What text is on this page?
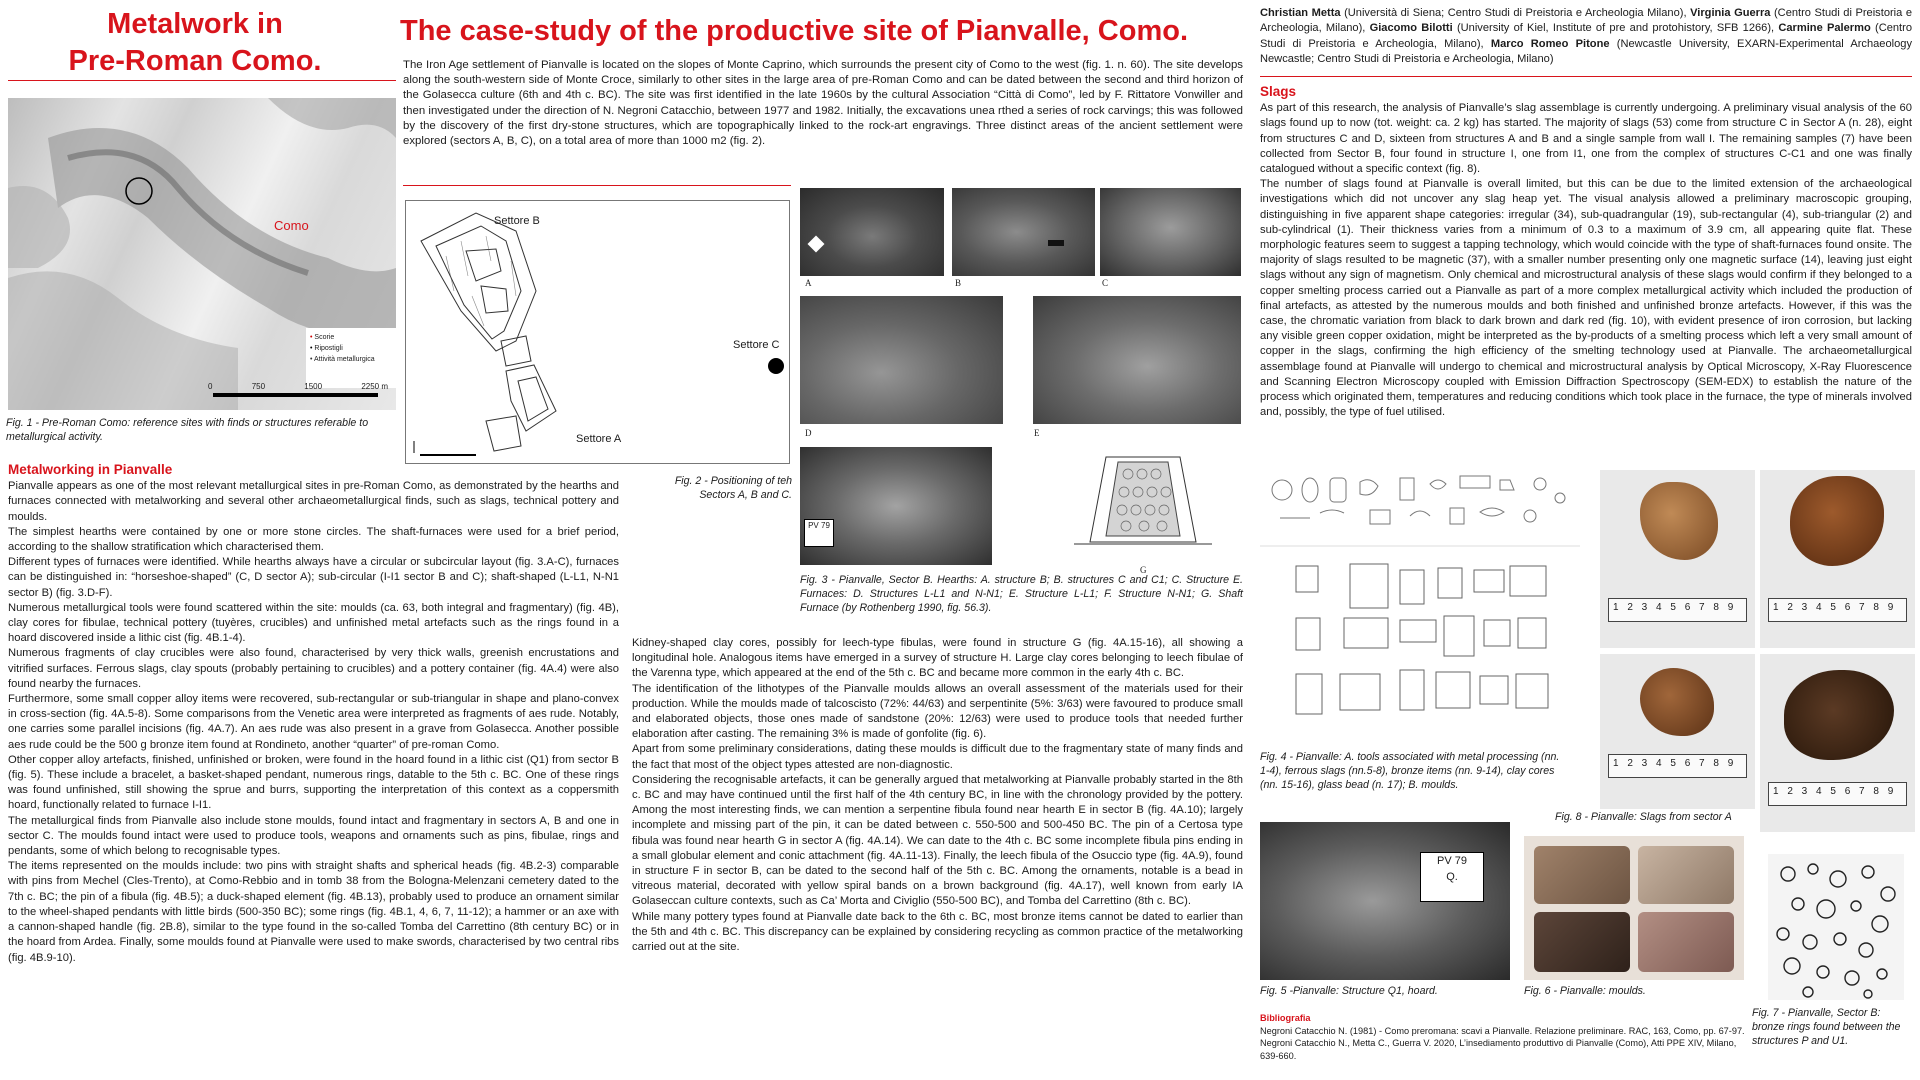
Metalwork in
Pre-Roman Como.
Como
• Scorie
• Ripostigli
• Attività metallurgica
0	750	1500	2250 m
Fig. 1 - Pre-Roman Como: reference sites with finds or structures referable to metallurgical activity.
Metalworking in Pianvalle

Pianvalle appears as one of the most relevant metallurgical sites in pre-Roman Como, as demonstrated by the hearths and furnaces connected with metalworking and several other archaeometallurgical finds, such as slags, technical pottery and moulds.

The simplest hearths were contained by one or more stone circles. The shaft-furnaces were used for a brief period, according to the shallow stratification which characterised them.

Different types of furnaces were identified. While hearths always have a circular or subcircular layout (fig. 3.A-C), furnaces can be distinguished in: “horseshoe-shaped” (C, D sector A); sub-circular (I-I1 sector B and C); shaft-shaped (L-L1, N-N1 sector B) (fig. 3.D-F).

Numerous metallurgical tools were found scattered within the site: moulds (ca. 63, both integral and fragmentary) (fig. 4B), clay cores for fibulae, technical pottery (tuyères, crucibles) and unfinished metal artefacts such as the rings found in a hoard discovered inside a lithic cist (fig. 4B.1-4).

Numerous fragments of clay crucibles were also found, characterised by very thick walls, greenish encrustations and vitrified surfaces. Ferrous slags, clay spouts (probably pertaining to crucibles) and a pottery container (fig. 4A.4) were also found nearby the furnaces.

Furthermore, some small copper alloy items were recovered, sub-rectangular or sub-triangular in shape and plano-convex in cross-section (fig. 4A.5-8). Some comparisons from the Venetic area were interpreted as fragments of aes rude. Notably, one carries some parallel incisions (fig. 4A.7). An aes rude was also present in a grave from Golasecca. Another possible aes rude could be the 500 g bronze item found at Rondineto, another “quarter” of pre-roman Como.

Other copper alloy artefacts, finished, unfinished or broken, were found in the hoard found in a lithic cist (Q1) from sector B (fig. 5). These include a bracelet, a basket-shaped pendant, numerous rings, datable to the 5th c. BC. One of these rings was found unfinished, still showing the sprue and burrs, supporting the interpretation of this context as a coppersmith hoard, functionally related to furnace I-I1.

The metallurgical finds from Pianvalle also include stone moulds, found intact and fragmentary in sectors A, B and one in sector C. The moulds found intact were used to produce tools, weapons and ornaments such as pins, fibulae, rings and pendants, some of which belong to recognisable types.

The items represented on the moulds include: two pins with straight shafts and spherical heads (fig. 4B.2-3) comparable with pins from Mechel (Cles-Trento), at Como-Rebbio and in tomb 38 from the Bologna-Melenzani cemetery dated to the 7th c. BC; the pin of a fibula (fig. 4B.5); a duck-shaped element (fig. 4B.13), probably used to produce an ornament similar to the wheel-shaped pendants with little birds (500-350 BC); some rings (fig. 4B.1, 4, 6, 7, 11-12); a hammer or an axe with a cannon-shaped handle (fig. 2B.8), similar to the type found in the so-called Tomba del Carrettino (8th century BC) or in the hoard from Ardea. Finally, some moulds found at Pianvalle were used to make swords, characterised by two central ribs (fig. 4B.9-10).

The case-study of the productive site of Pianvalle, Como.
The Iron Age settlement of Pianvalle is located on the slopes of Monte Caprino, which surrounds the present city of Como to the west (fig. 1. n. 60). The site develops along the south-western side of Monte Croce, similarly to other sites in the large area of pre-Roman Como and can be dated between the second and third horizon of the Golasecca culture (6th and 4th c. BC). The site was first identified in the late 1960s by the cultural Association “Città di Como”, led by F. Rittatore Vonwiller and then investigated under the direction of N. Negroni Catacchio, between 1977 and 1982. Initially, the excavations unea rthed a series of rock carvings; this was followed by the discovery of the first dry-stone structures, which are topographically linked to the rock-art engravings. Three distinct areas of the ancient settlement were explored (sectors A, B, C), on a total area of more than 1000 m2 (fig. 2).
Settore B
Settore C
Settore A
Fig. 2 - Positioning of teh Sectors A, B and C.
A	B	C
D	E
PV 79
G
Fig. 3 - Pianvalle, Sector B. Hearths: A. structure B; B. structures C and C1; C. Structure E. Furnaces: D. Structures L-L1 and N-N1; E. Structure L-L1; F. Structure N-N1; G. Shaft Furnace (by Rothenberg 1990, fig. 56.3).

Kidney-shaped clay cores, possibly for leech-type fibulas, were found in structure G (fig. 4A.15-16), all showing a longitudinal hole. Analogous items have emerged in a survey of structure H. Large clay cores belonging to leech fibulae of the Varenna type, which appeared at the end of the 5th c. BC and became more common in the early 4th c. BC.

The identification of the lithotypes of the Pianvalle moulds allows an overall assessment of the materials used for their production. While the moulds made of talcoscisto (72%: 44/63) and serpentinite (5%: 3/63) were favoured to produce small and elaborated objects, those ones made of sandstone (20%: 12/63) were used to produce tools that needed further elaboration after casting. The remaining 3% is made of gonfolite (fig. 6).

Apart from some preliminary considerations, dating these moulds is difficult due to the fragmentary state of many finds and the fact that most of the object types attested are non-diagnostic.

Considering the recognisable artefacts, it can be generally argued that metalworking at Pianvalle probably started in the 8th c. BC and may have continued until the first half of the 4th century BC, in line with the chronology provided by the pottery. Among the most interesting finds, we can mention a serpentine fibula found near hearth E in sector B (fig. 4A.10); largely incomplete and missing part of the pin, it can be dated between c. 550-500 and 500-450 BC. The pin of a Certosa type fibula was found near hearth G in sector A (fig. 4A.14). We can date to the 4th c. BC some incomplete fibula pins ending in a small globular element and conic attachment (fig. 4A.11-13). Finally, the leech fibula of the Osuccio type (fig. 4A.9), found in structure F in sector B, can be dated to the second half of the 5th c. BC. Among the ornaments, notable is a bead in vitreous material, decorated with yellow spiral bands on a brown background (fig. 4A.17), well known from early IA Golaseccan culture contexts, such as Ca’ Morta and Civiglio (550-500 BC), and Tomba del Carrettino (8th c. BC).

While many pottery types found at Pianvalle date back to the 6th c. BC, most bronze items cannot be dated to earlier than the 5th and 4th c. BC. This discrepancy can be explained by considering recycling as common practice of the metalworking carried out at the site.

Christian Metta (Università di Siena; Centro Studi di Preistoria e Archeologia Milano), Virginia Guerra (Centro Studi di Preistoria e Archeologia, Milano), Giacomo Bilotti (University of Kiel, Institute of pre and protohistory, SFB 1266), Carmine Palermo (Centro Studi di Preistoria e Archeologia, Milano), Marco Romeo Pitone (Newcastle University, EXARN-Experimental Archaeology Newcastle; Centro Studi di Preistoria e Archeologia, Milano)
Slags

As part of this research, the analysis of Pianvalle’s slag assemblage is currently undergoing. A preliminary visual analysis of the 60 slags found up to now (tot. weight: ca. 2 kg) has started. The majority of slags (53) come from structure C in Sector A (n. 28), eight from structures C and D, sixteen from structures A and B and a single sample from wall I. The remaining samples (7) have been collected from Sector B, four found in structure I, one from I1, one from the complex of structures C-C1 and one was finally catalogued without a specific context (fig. 8).

The number of slags found at Pianvalle is overall limited, but this can be due to the limited extension of the archaeological investigations which did not uncover any slag heap yet. The visual analysis allowed a preliminary macroscopic grouping, distinguishing in five apparent shape categories: irregular (34), sub-quadrangular (19), sub-rectangular (4), sub-triangular (2) and sub-cylindrical (1). Their thickness varies from a minimum of 0.3 to a maximum of 3.9 cm, all appearing quite flat. These morphologic features seem to suggest a tapping technology, which would coincide with the type of shaft-furnaces found onsite. The majority of slags resulted to be magnetic (37), with a smaller number presenting only one magnetic surface (14), leaving just eight slags without any sign of magnetism. Only chemical and microstructural analysis of these slags would confirm if they belonged to a copper smelting process carried out a Pianvalle as part of a more complex metallurgical activity which included the production of final artefacts, as attested by the numerous moulds and both finished and unfinished bronze artefacts. However, if this was the case, the chromatic variation from black to dark brown and dark red (fig. 10), with evident presence of iron corrosion, but lacking any visible green copper oxidation, might be interpreted as the by-products of a smelting process which left a very small amount of copper in the slags, confirming the high efficiency of the smelting technology used at Pianvalle. The archaeometallurgical assemblage found at Pianvalle will undergo to chemical and microstructural analysis by Optical Microscopy, X-Ray Fluorescence and Scanning Electron Microscopy coupled with Emission Diffraction Spectroscopy (SEM-EDX) to establish the nature of the process which originated them, temperatures and reducing conditions which took place in the furnace, the type of minerals involved and, possibly, the type of fuel utilised.

Fig. 4 - Pianvalle: A. tools associated with metal processing (nn. 1-4), ferrous slags (nn.5-8), bronze items (nn. 9-14), clay cores (nn. 15-16), glass bead (n. 17); B. moulds.
1 2 3 4 5 6 7 8 9	1 2 3 4 5 6 7 8 9
1 2 3 4 5 6 7 8 9
1 2 3 4 5 6 7 8 9
Fig. 8 - Pianvalle: Slags from sector A
PV 79
Q.
Fig. 5 -Pianvalle: Structure Q1, hoard.	Fig. 6 - Pianvalle: moulds.
Fig. 7 - Pianvalle, Sector B: bronze rings found between the structures P and U1.
Bibliografia
Negroni Catacchio N. (1981) - Como preromana: scavi a Pianvalle. Relazione preliminare. RAC, 163, Como, pp. 67-97.
Negroni Catacchio N., Metta C., Guerra V. 2020, L’insediamento produttivo di Pianvalle (Como), Atti PPE XIV, Milano, 639-660.
